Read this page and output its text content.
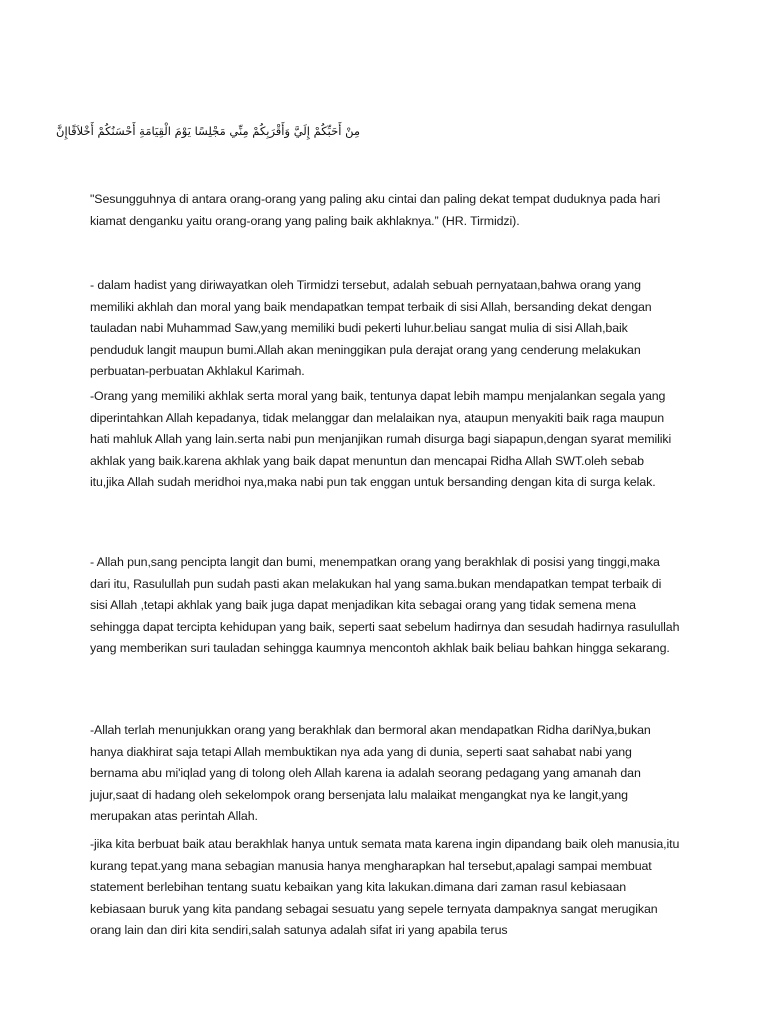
مِنْ أَحَبِّكُمْ إِلَيَّ وَأَقْرَبِكُمْ مِنِّي مَجْلِسًا يَوْمَ الْقِيَامَةِ أَحْسَنُكُمْ أَخْلاَقًاإِنَّ

"Sesungguhnya di antara orang-orang yang paling aku cintai dan paling dekat tempat duduknya pada hari kiamat denganku yaitu orang-orang yang paling baik akhlaknya.” (HR. Tirmidzi).

- dalam hadist yang diriwayatkan oleh Tirmidzi tersebut, adalah sebuah pernyataan,bahwa orang yang memiliki akhlah dan moral yang baik mendapatkan tempat terbaik di sisi Allah, bersanding dekat dengan tauladan nabi Muhammad Saw,yang memiliki budi pekerti luhur.beliau sangat mulia di sisi Allah,baik penduduk langit maupun bumi.Allah akan meninggikan pula derajat orang yang cenderung melakukan perbuatan-perbuatan Akhlakul Karimah.

-Orang yang memiliki akhlak serta moral yang baik, tentunya dapat lebih mampu menjalankan segala yang diperintahkan Allah kepadanya, tidak melanggar dan melalaikan nya, ataupun menyakiti baik raga maupun hati mahluk Allah yang lain.serta nabi pun menjanjikan rumah disurga bagi siapapun,dengan syarat memiliki akhlak yang baik.karena akhlak yang baik dapat menuntun dan mencapai Ridha Allah SWT.oleh sebab itu,jika Allah sudah meridhoi nya,maka nabi pun tak enggan untuk bersanding dengan kita di surga kelak.

- Allah pun,sang pencipta langit dan bumi, menempatkan orang yang berakhlak di posisi yang tinggi,maka dari itu, Rasulullah pun sudah pasti akan melakukan hal yang sama.bukan mendapatkan tempat terbaik di sisi Allah ,tetapi akhlak yang baik juga dapat menjadikan kita sebagai orang yang tidak semena mena sehingga dapat tercipta kehidupan yang baik, seperti saat sebelum hadirnya dan sesudah hadirnya rasulullah yang memberikan suri tauladan sehingga kaumnya mencontoh akhlak baik beliau bahkan hingga sekarang.

-Allah terlah menunjukkan orang yang berakhlak dan bermoral akan mendapatkan Ridha dariNya,bukan hanya diakhirat saja tetapi Allah membuktikan nya ada yang di dunia, seperti saat sahabat nabi yang bernama abu mi'iqlad yang di tolong oleh Allah karena ia adalah seorang pedagang yang amanah dan jujur,saat di hadang oleh sekelompok orang bersenjata lalu malaikat mengangkat nya ke langit,yang merupakan atas perintah Allah.

-jika kita berbuat baik atau berakhlak hanya untuk semata mata karena ingin dipandang baik oleh manusia,itu kurang tepat.yang mana sebagian manusia hanya mengharapkan hal tersebut,apalagi sampai membuat statement berlebihan tentang suatu kebaikan yang kita lakukan.dimana dari zaman rasul kebiasaan kebiasaan buruk yang kita pandang sebagai sesuatu yang sepele ternyata dampaknya sangat merugikan orang lain dan diri kita sendiri,salah satunya adalah sifat iri yang apabila terus
